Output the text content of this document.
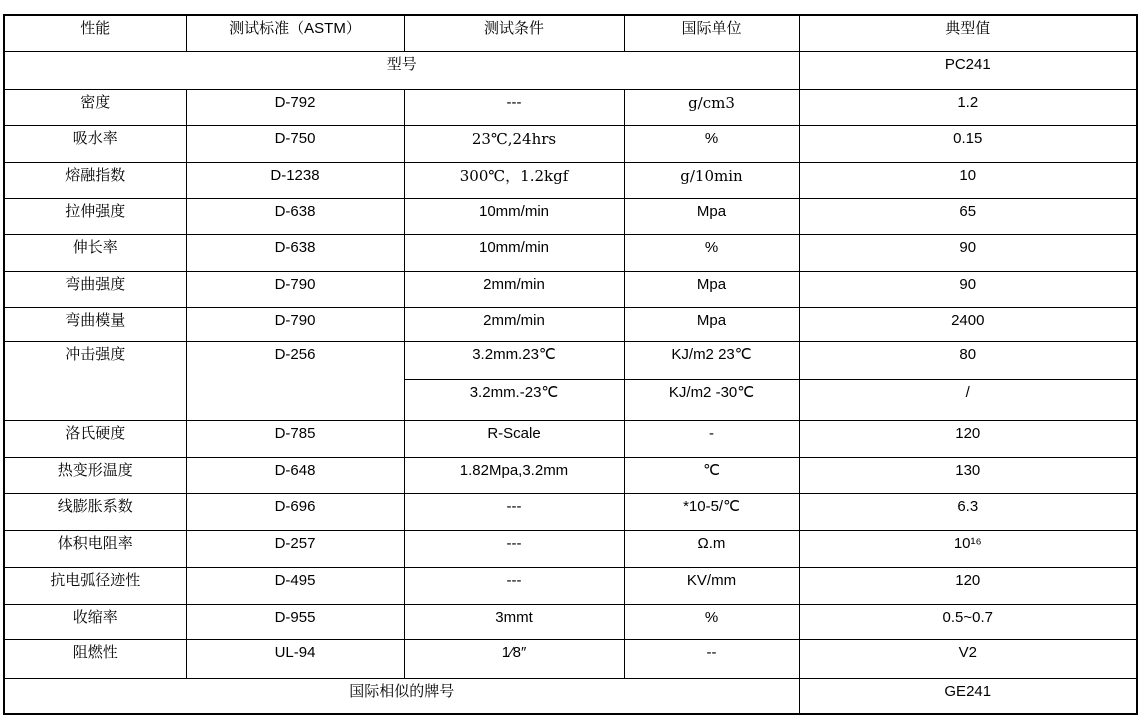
性能	测试标准（ASTM）	测试条件	国际单位	典型值
型号				PC241
密度	D-792	---	g/cm3	1.2
吸水率	D-750	23℃,24hrs	%	0.15
熔融指数	D-1238	300℃，1.2kgf	g/10min	10
拉伸强度	D-638	10mm/min	Mpa	65
伸长率	D-638	10mm/min	%	90
弯曲强度	D-790	2mm/min	Mpa	90
弯曲模量	D-790	2mm/min	Mpa	2400
冲击强度	D-256	3.2mm.23℃	KJ/m2 23℃	80
		3.2mm.-23℃	KJ/m2 -30℃	/
洛氏硬度	D-785	R-Scale	-	120
热变形温度	D-648	1.82Mpa,3.2mm	℃	130
线膨胀系数	D-696	---	*10-5/℃	6.3
体积电阻率	D-257	---	Ω.m	10¹⁶
抗电弧径迹性	D-495	---	KV/mm	120
收缩率	D-955	3mmt	%	0.5~0.7
阻燃性	UL-94	1⁄8″	--	V2
国际相似的牌号				GE241
